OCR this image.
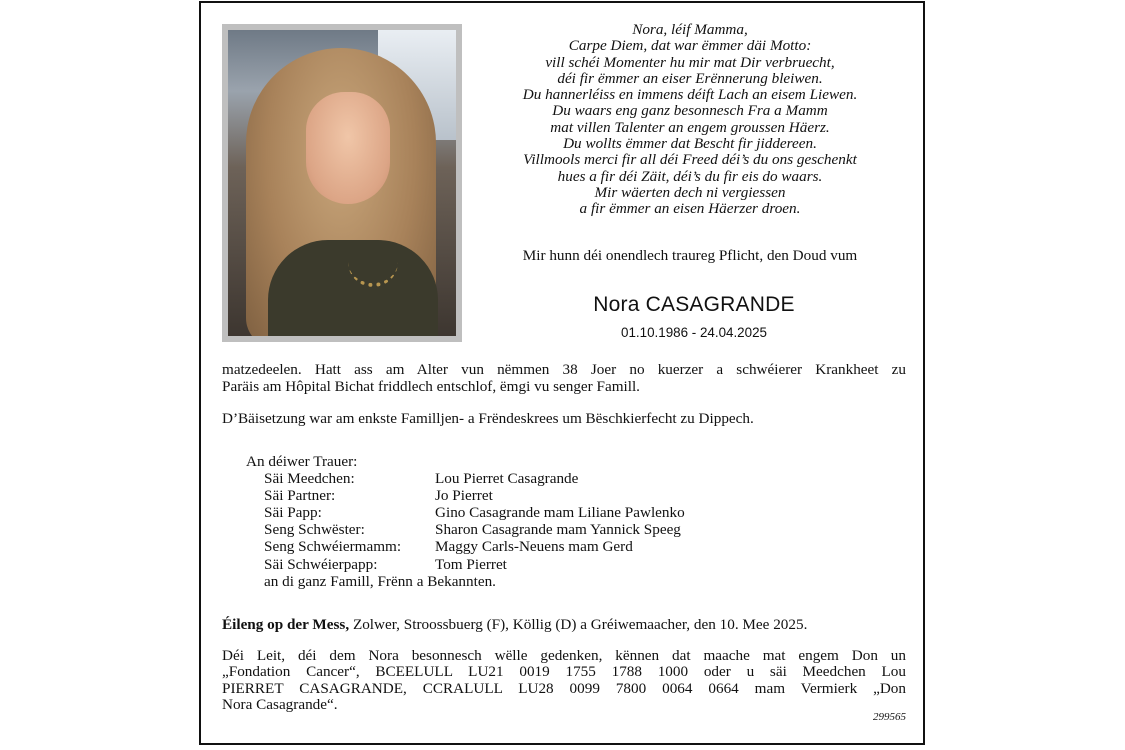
Nora, léif Mamma,
Carpe Diem, dat war ëmmer däi Motto:
vill schéi Momenter hu mir mat Dir verbruecht,
déi fir ëmmer an eiser Erënnerung bleiwen.
Du hannerléiss en immens déift Lach an eisem Liewen.
Du waars eng ganz besonnesch Fra a Mamm
mat villen Talenter an engem groussen Häerz.
Du wollts ëmmer dat Bescht fir jiddereen.
Villmools merci fir all déi Freed déi’s du ons geschenkt
hues a fir déi Zäit, déi’s du fir eis do waars.
Mir wäerten dech ni vergiessen
a fir ëmmer an eisen Häerzer droen.
Mir hunn déi onendlech traureg Pflicht, den Doud vum
Nora CASAGRANDE
01.10.1986 - 24.04.2025
matzedeelen. Hatt ass am Alter vun nëmmen 38 Joer no kuerzer a schwéierer Krankheet zu
Paräis am Hôpital Bichat friddlech entschlof, ëmgi vu senger Famill.
D’Bäisetzung war am enkste Familljen- a Frëndeskrees um Bëschkierfecht zu Dippech.
An déiwer Trauer:
Säi Meedchen:	Lou Pierret Casagrande
Säi Partner:	Jo Pierret
Säi Papp:	Gino Casagrande mam Liliane Pawlenko
Seng Schwëster:	Sharon Casagrande mam Yannick Speeg
Seng Schwéiermamm:	Maggy Carls-Neuens mam Gerd
Säi Schwéierpapp:	Tom Pierret
an di ganz Famill, Frënn a Bekannten.
Éileng op der Mess, Zolwer, Stroossbuerg (F), Köllig (D) a Gréiwemaacher, den 10. Mee 2025.
Déi Leit, déi dem Nora besonnesch wëlle gedenken, kënnen dat maache mat engem Don un
„Fondation Cancer“, BCEELULL LU21 0019 1755 1788 1000 oder u säi Meedchen Lou
PIERRET CASAGRANDE, CCRALULL LU28 0099 7800 0064 0664 mam Vermierk „Don
Nora Casagrande“.
299565
